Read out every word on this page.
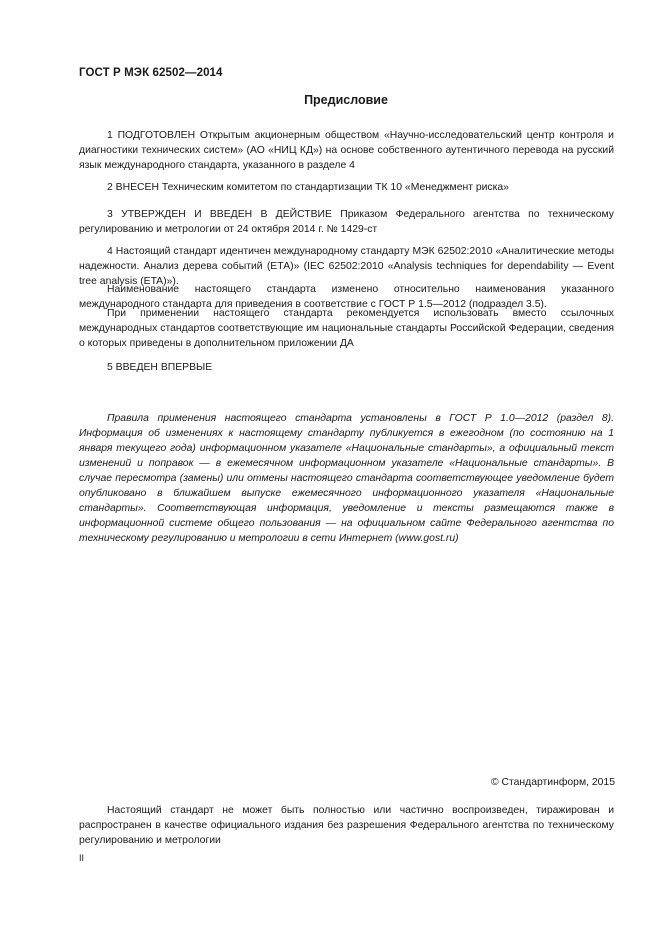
ГОСТ Р МЭК 62502—2014
Предисловие

1 ПОДГОТОВЛЕН Открытым акционерным обществом «Научно-исследовательский центр контроля и диагностики технических систем» (АО «НИЦ КД») на основе собственного аутентичного перевода на русский язык международного стандарта, указанного в разделе 4

2 ВНЕСЕН Техническим комитетом по стандартизации ТК 10 «Менеджмент риска»

3 УТВЕРЖДЕН И ВВЕДЕН В ДЕЙСТВИЕ Приказом Федерального агентства по техническому регулированию и метрологии от 24 октября 2014 г. № 1429-ст

4 Настоящий стандарт идентичен международному стандарту МЭК 62502:2010 «Аналитические методы надежности. Анализ дерева событий (ЕТА)» (IEC 62502:2010 «Analysis techniques for dependability — Event tree analysis (ETA)»).

Наименование настоящего стандарта изменено относительно наименования указанного международного стандарта для приведения в соответствие с ГОСТ Р 1.5—2012 (подраздел 3.5).

При применении настоящего стандарта рекомендуется использовать вместо ссылочных международных стандартов соответствующие им национальные стандарты Российской Федерации, сведения о которых приведены в дополнительном приложении ДА

5 ВВЕДЕН ВПЕРВЫЕ

Правила применения настоящего стандарта установлены в ГОСТ Р 1.0—2012 (раздел 8). Информация об изменениях к настоящему стандарту публикуется в ежегодном (по состоянию на 1 января текущего года) информационном указателе «Национальные стандарты», а официальный текст изменений и поправок — в ежемесячном информационном указателе «Национальные стандарты». В случае пересмотра (замены) или отмены настоящего стандарта соответствующее уведомление будет опубликовано в ближайшем выпуске ежемесячного информационного указателя «Национальные стандарты». Соответствующая информация, уведомление и тексты размещаются также в информационной системе общего пользования — на официальном сайте Федерального агентства по техническому регулированию и метрологии в сети Интернет (www.gost.ru)

© Стандартинформ, 2015

Настоящий стандарт не может быть полностью или частично воспроизведен, тиражирован и распространен в качестве официального издания без разрешения Федерального агентства по техническому регулированию и метрологии

II
